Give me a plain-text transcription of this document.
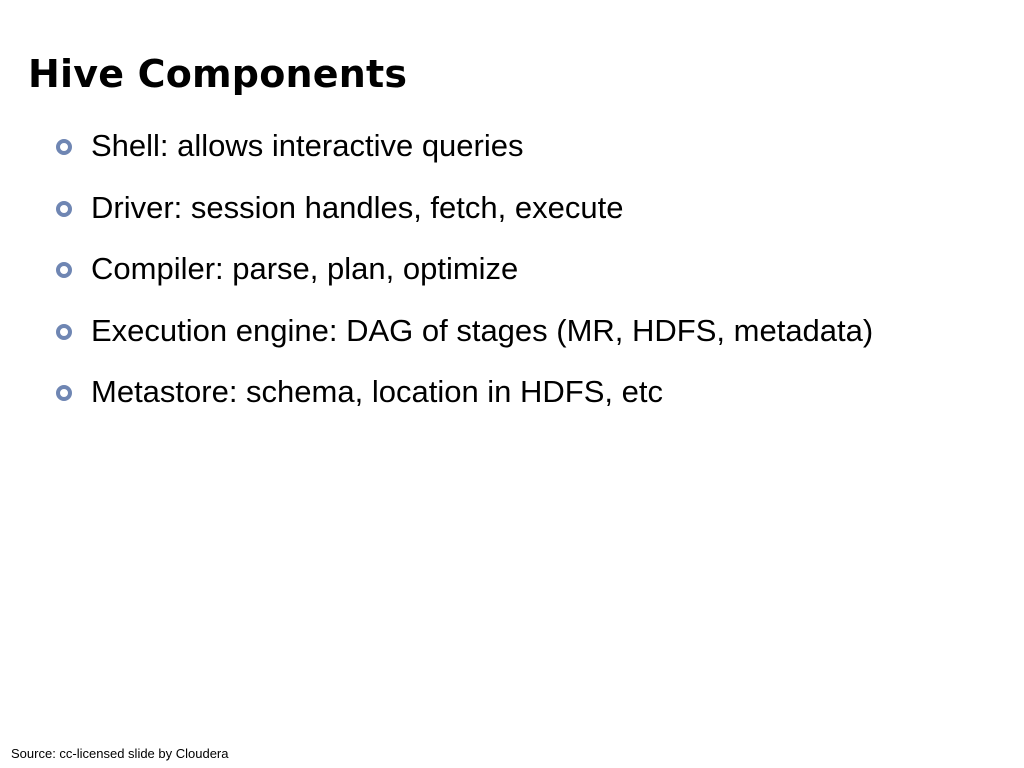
Hive Components
Shell: allows interactive queries
Driver: session handles, fetch, execute
Compiler: parse, plan, optimize
Execution engine: DAG of stages (MR, HDFS, metadata)
Metastore: schema, location in HDFS, etc
Source: cc-licensed slide by Cloudera
